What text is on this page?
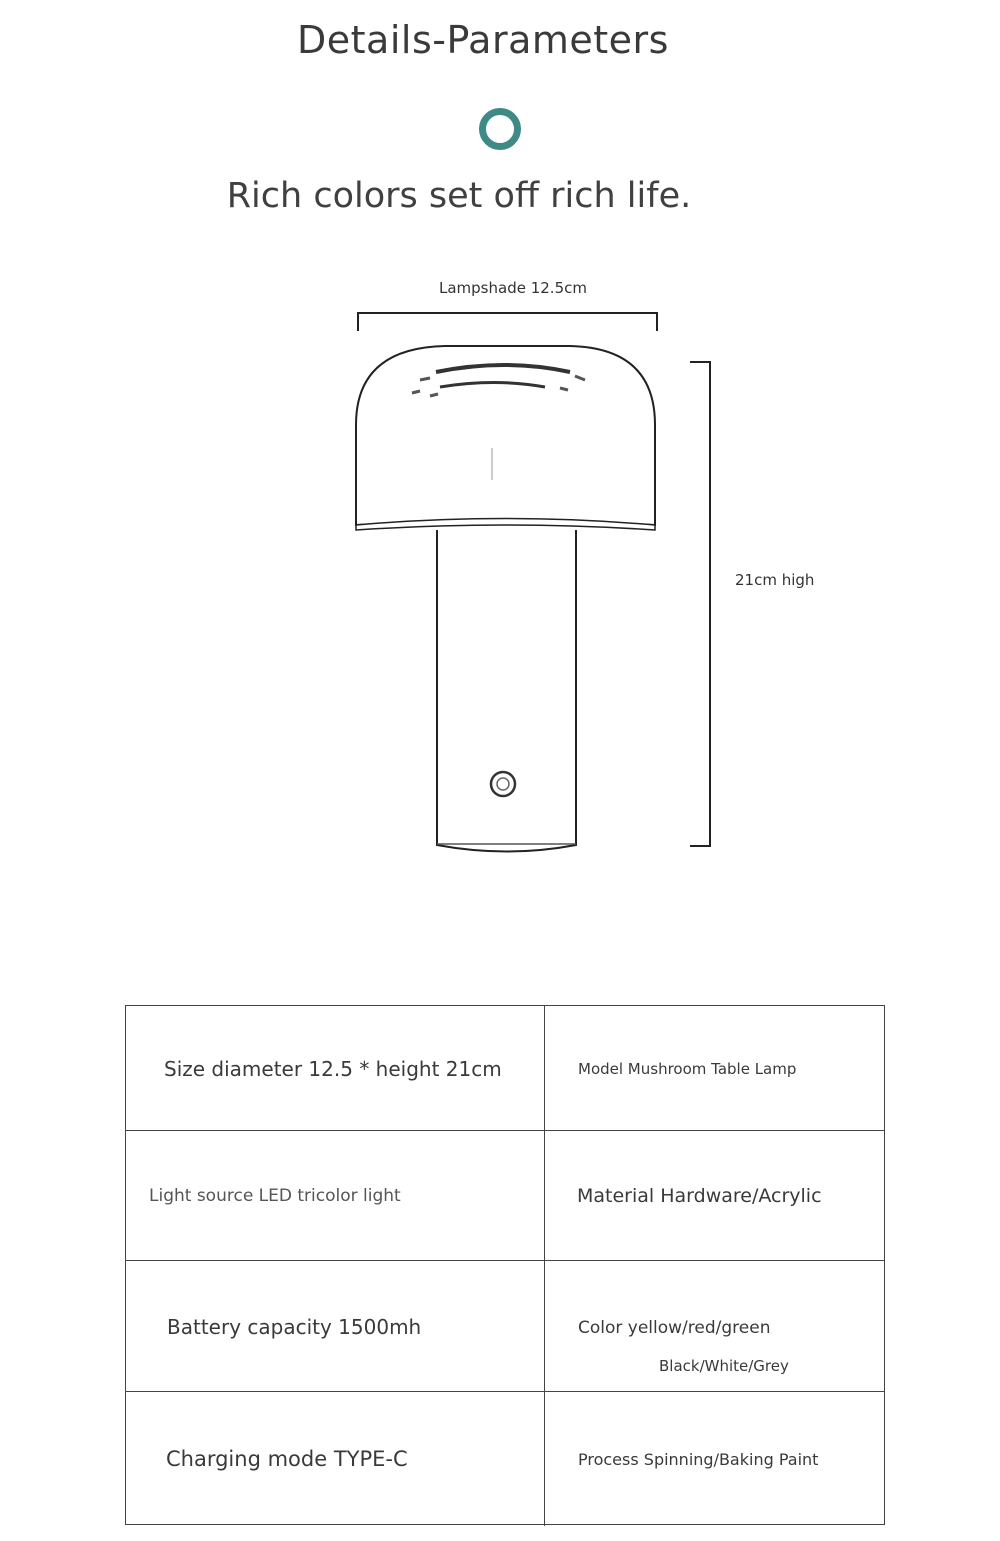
Details-Parameters
Rich colors set off rich life.
Lampshade 12.5cm
21cm high
Size diameter 12.5 * height 21cm	Model Mushroom Table Lamp
Light source LED tricolor light	Material Hardware/Acrylic
Battery capacity 1500mh	Color yellow/red/green
Black/White/Grey
Charging mode TYPE-C	Process Spinning/Baking Paint
